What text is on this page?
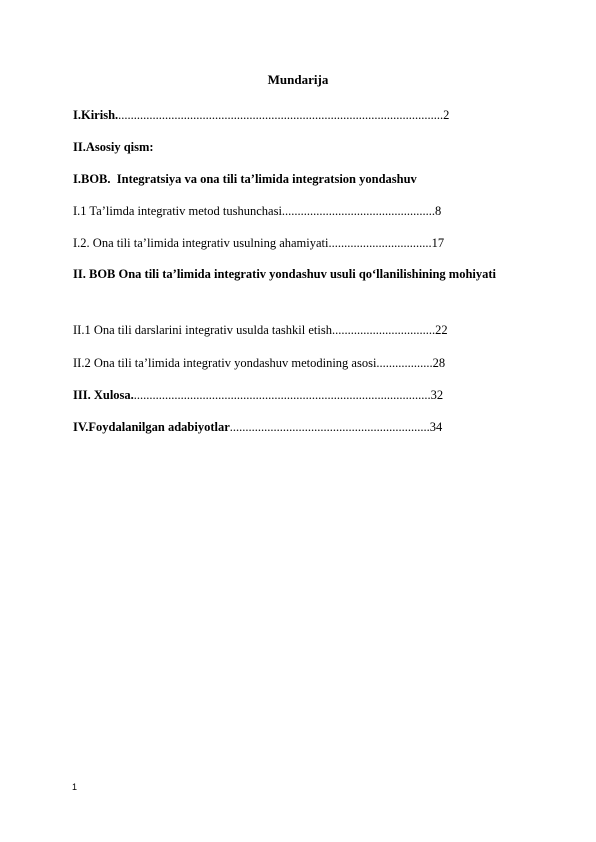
Mundarija
I.Kirish.........................................................................................................2
II.Asosiy qism:
I.BOB.  Integratsiya va ona tili ta’limida integratsion yondashuv
I.1 Ta’limda integrativ metod tushunchasi.................................................8
I.2. Ona tili ta’limida integrativ usulning ahamiyati.................................17
II. BOB Ona tili ta’limida integrativ yondashuv usuli qo‘llanilishining mohiyati
II.1 Ona tili darslarini integrativ usulda tashkil etish.................................22
II.2 Ona tili ta’limida integrativ yondashuv metodining asosi..................28
III. Xulosa................................................................................................32
IV.Foydalanilgan adabiyotlar................................................................34
1
